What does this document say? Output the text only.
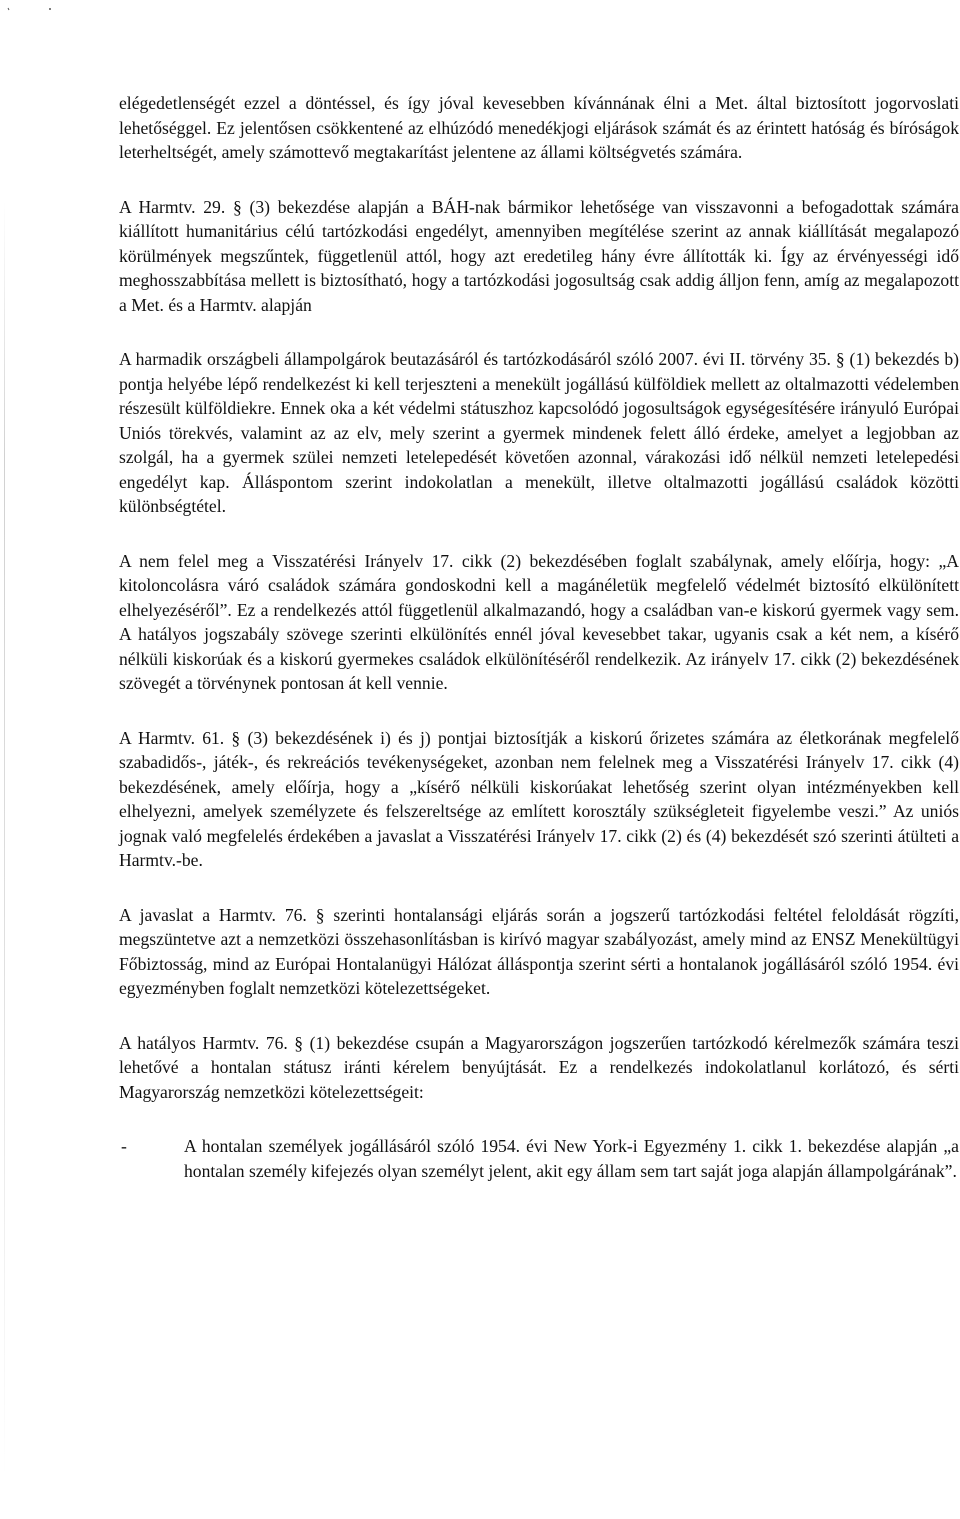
elégedetlenségét ezzel a döntéssel, és így jóval kevesebben kívánnának élni a Met. által biztosított jogorvoslati lehetőséggel. Ez jelentősen csökkentené az elhúzódó menedékjogi eljárások számát és az érintett hatóság és bíróságok leterheltségét, amely számottevő megtakarítást jelentene az állami költségvetés számára.

A Harmtv. 29. § (3) bekezdése alapján a BÁH-nak bármikor lehetősége van visszavonni a befogadottak számára kiállított humanitárius célú tartózkodási engedélyt, amennyiben megítélése szerint az annak kiállítását megalapozó körülmények megszűntek, függetlenül attól, hogy azt eredetileg hány évre állították ki. Így az érvényességi idő meghosszabbítása mellett is biztosítható, hogy a tartózkodási jogosultság csak addig álljon fenn, amíg az megalapozott a Met. és a Harmtv. alapján

A harmadik országbeli állampolgárok beutazásáról és tartózkodásáról szóló 2007. évi II. törvény 35. § (1) bekezdés b) pontja helyébe lépő rendelkezést ki kell terjeszteni a menekült jogállású külföldiek mellett az oltalmazotti védelemben részesült külföldiekre. Ennek oka a két védelmi státuszhoz kapcsolódó jogosultságok egységesítésére irányuló Európai Uniós törekvés, valamint az az elv, mely szerint a gyermek mindenek felett álló érdeke, amelyet a legjobban az szolgál, ha a gyermek szülei nemzeti letelepedését követően azonnal, várakozási idő nélkül nemzeti letelepedési engedélyt kap. Álláspontom szerint indokolatlan a menekült, illetve oltalmazotti jogállású családok közötti különbségtétel.

A nem felel meg a Visszatérési Irányelv 17. cikk (2) bekezdésében foglalt szabálynak, amely előírja, hogy: „A kitoloncolásra váró családok számára gondoskodni kell a magánéletük megfelelő védelmét biztosító elkülönített elhelyezéséről”. Ez a rendelkezés attól függetlenül alkalmazandó, hogy a családban van-e kiskorú gyermek vagy sem. A hatályos jogszabály szövege szerinti elkülönítés ennél jóval kevesebbet takar, ugyanis csak a két nem, a kísérő nélküli kiskorúak és a kiskorú gyermekes családok elkülönítéséről rendelkezik. Az irányelv 17. cikk (2) bekezdésének szövegét a törvénynek pontosan át kell vennie.

A Harmtv. 61. § (3) bekezdésének i) és j) pontjai biztosítják a kiskorú őrizetes számára az életkorának megfelelő szabadidős-, játék-, és rekreációs tevékenységeket, azonban nem felelnek meg a Visszatérési Irányelv 17. cikk (4) bekezdésének, amely előírja, hogy a „kísérő nélküli kiskorúakat lehetőség szerint olyan intézményekben kell elhelyezni, amelyek személyzete és felszereltsége az említett korosztály szükségleteit figyelembe veszi.” Az uniós jognak való megfelelés érdekében a javaslat a Visszatérési Irányelv 17. cikk (2) és (4) bekezdését szó szerinti átülteti a Harmtv.-be.

A javaslat a Harmtv. 76. § szerinti hontalansági eljárás során a jogszerű tartózkodási feltétel feloldását rögzíti, megszüntetve azt a nemzetközi összehasonlításban is kirívó magyar szabályozást, amely mind az ENSZ Menekültügyi Főbiztosság, mind az Európai Hontalanügyi Hálózat álláspontja szerint sérti a hontalanok jogállásáról szóló 1954. évi egyezményben foglalt nemzetközi kötelezettségeket.

A hatályos Harmtv. 76. § (1) bekezdése csupán a Magyarországon jogszerűen tartózkodó kérelmezők számára teszi lehetővé a hontalan státusz iránti kérelem benyújtását. Ez a rendelkezés indokolatlanul korlátozó, és sérti Magyarország nemzetközi kötelezettségeit:

-	A hontalan személyek jogállásáról szóló 1954. évi New York-i Egyezmény 1. cikk 1. bekezdése alapján „a hontalan személy kifejezés olyan személyt jelent, akit egy állam sem tart saját joga alapján állampolgárának”.
